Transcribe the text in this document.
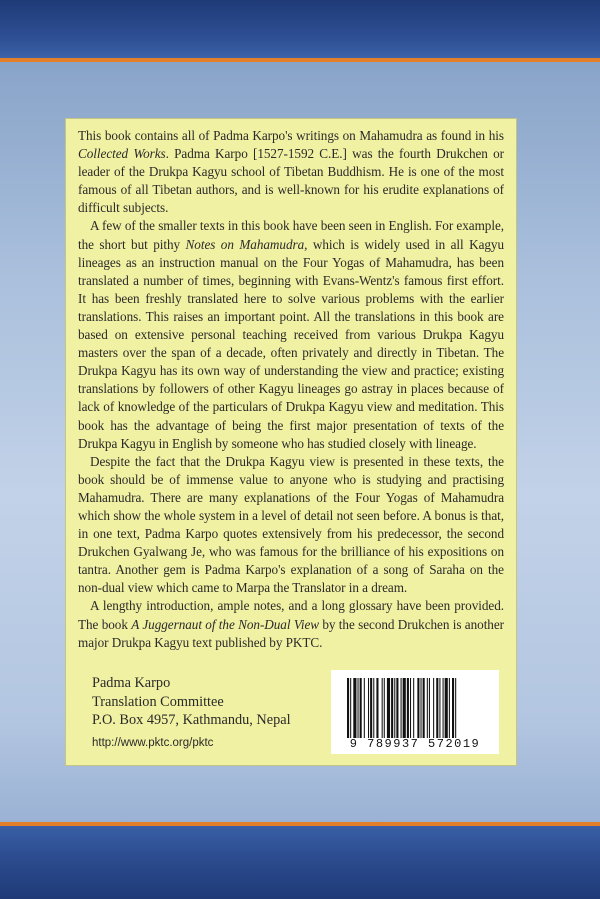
This book contains all of Padma Karpo's writings on Mahamudra as found in his Collected Works. Padma Karpo [1527-1592 C.E.] was the fourth Drukchen or leader of the Drukpa Kagyu school of Tibetan Buddhism. He is one of the most famous of all Tibetan authors, and is well-known for his erudite explanations of difficult subjects.

A few of the smaller texts in this book have been seen in English. For example, the short but pithy Notes on Mahamudra, which is widely used in all Kagyu lineages as an instruction manual on the Four Yogas of Mahamudra, has been translated a number of times, beginning with Evans-Wentz's famous first effort. It has been freshly translated here to solve various problems with the earlier translations. This raises an important point. All the translations in this book are based on extensive personal teaching received from various Drukpa Kagyu masters over the span of a decade, often privately and directly in Tibetan. The Drukpa Kagyu has its own way of understanding the view and practice; existing translations by followers of other Kagyu lineages go astray in places because of lack of knowledge of the particulars of Drukpa Kagyu view and meditation. This book has the advantage of being the first major presentation of texts of the Drukpa Kagyu in English by someone who has studied closely with lineage.

Despite the fact that the Drukpa Kagyu view is presented in these texts, the book should be of immense value to anyone who is studying and practising Mahamudra. There are many explanations of the Four Yogas of Mahamudra which show the whole system in a level of detail not seen before. A bonus is that, in one text, Padma Karpo quotes extensively from his predecessor, the second Drukchen Gyalwang Je, who was famous for the brilliance of his expositions on tantra. Another gem is Padma Karpo's explanation of a song of Saraha on the non-dual view which came to Marpa the Translator in a dream.

A lengthy introduction, ample notes, and a long glossary have been provided. The book A Juggernaut of the Non-Dual View by the second Drukchen is another major Drukpa Kagyu text published by PKTC.

Padma Karpo
Translation Committee
P.O. Box 4957, Kathmandu, Nepal
http://www.pktc.org/pktc	9 789937 572019
